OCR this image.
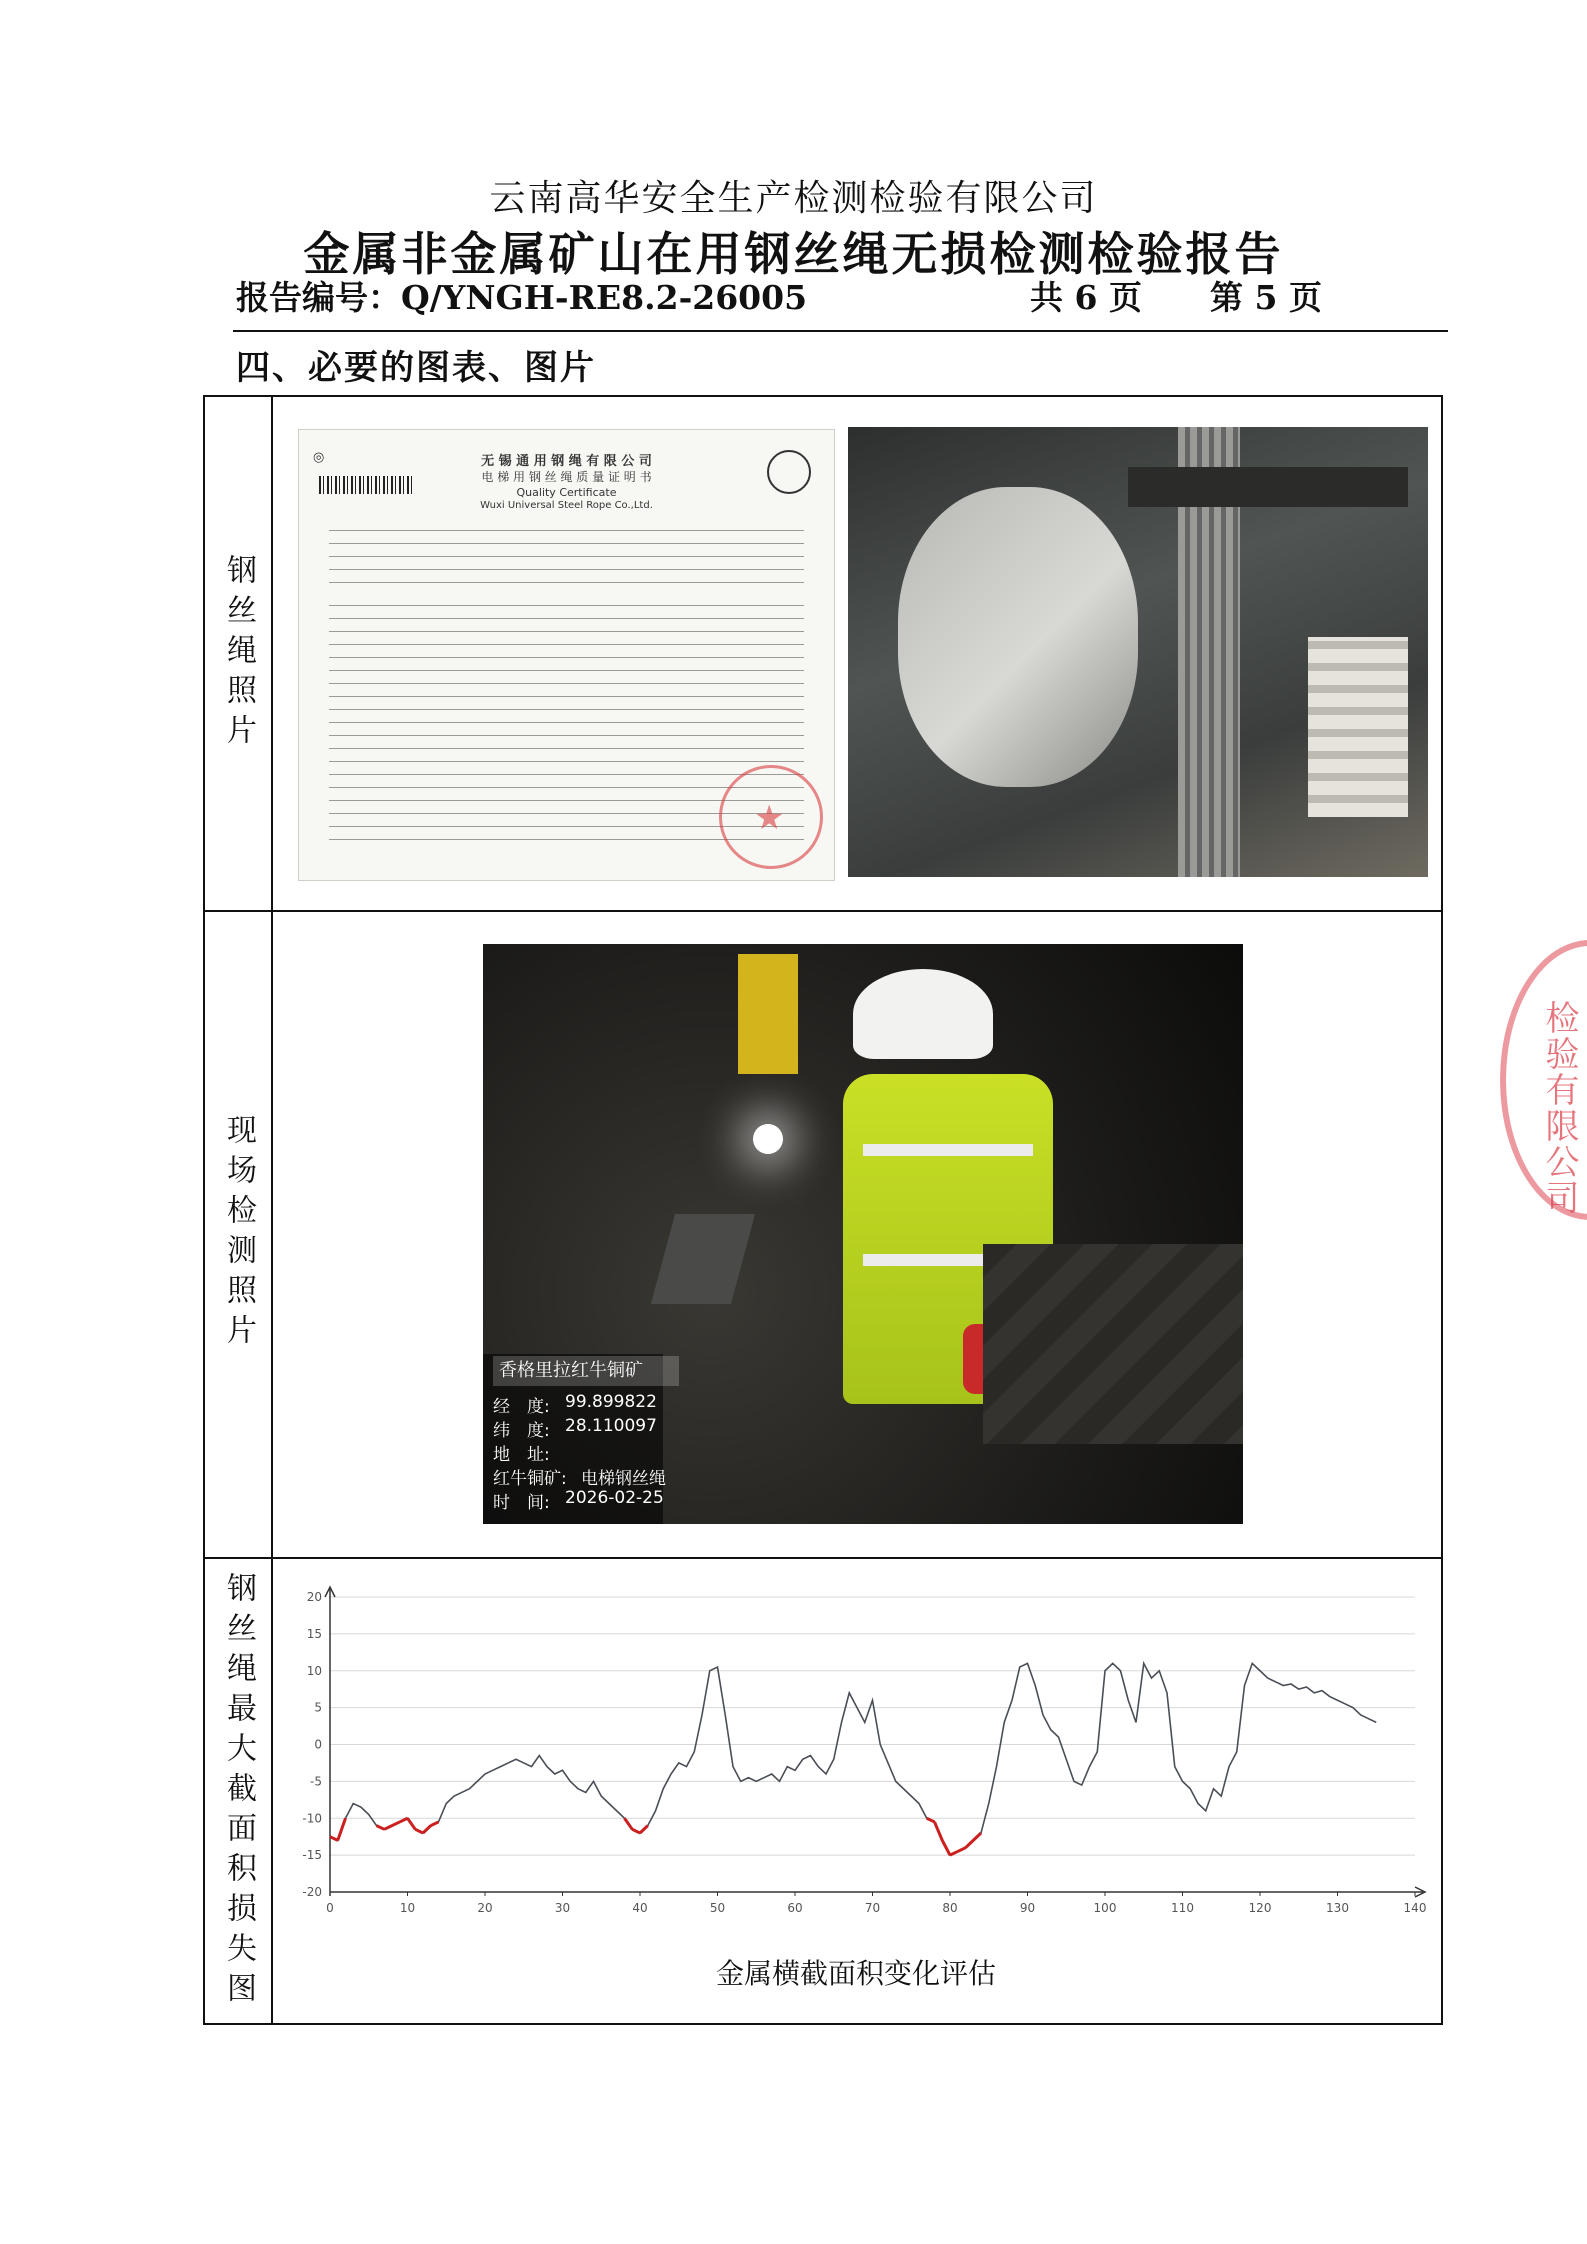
云南高华安全生产检测检验有限公司
金属非金属矿山在用钢丝绳无损检测检验报告
报告编号：Q/YNGH-RE8.2-26005	共 6 页 第 5 页
四、必要的图表、图片
钢丝绳照片
现场检测照片
钢丝绳最大截面积损失图
◎	无 锡 通 用 钢 绳 有 限 公 司
电 梯 用 钢 丝 绳 质 量 证 明 书
Quality Certificate
Wuxi Universal Steel Rope Co.,Ltd.
★
香格里拉红牛铜矿
经　度: 99.899822
纬　度: 28.110097
地　址:
红牛铜矿: 电梯钢丝绳
时　间: 2026-02-25
20
15
10
5
0
-5
-10
-15
-20
0	10	20	30	40	50	60	70	80	90	100	110	120	130	140
金属横截面积变化评估
检验有限公司
